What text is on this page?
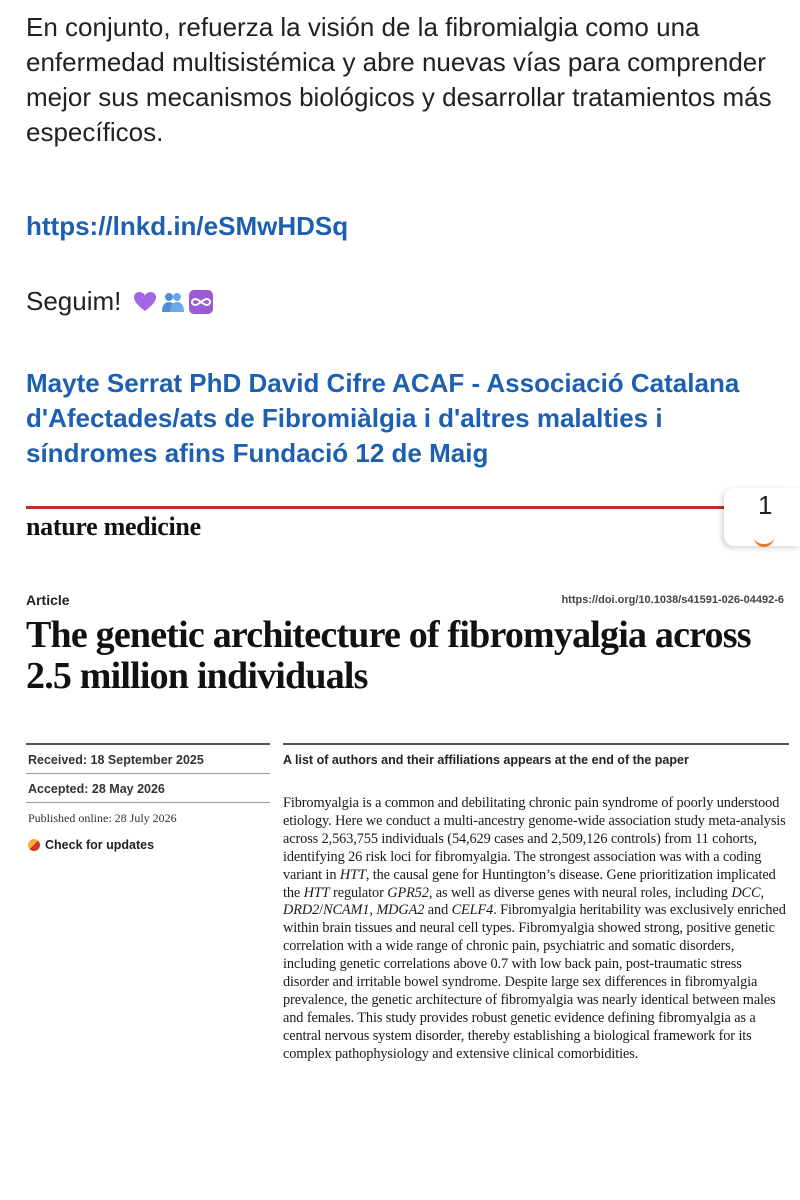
En conjunto, refuerza la visión de la fibromialgia como una enfermedad multisistémica y abre nuevas vías para comprender mejor sus mecanismos biológicos y desarrollar tratamientos más específicos.

https://lnkd.in/eSMwHDSq

Seguim!

Mayte Serrat PhD David Cifre ACAF - Associació Catalana d'Afectades/ats de Fibromiàlgia i d'altres malalties i síndromes afins Fundació 12 de Maig
nature medicine
1
Article	https://doi.org/10.1038/s41591-026-04492-6
The genetic architecture of fibromyalgia across 2.5 million individuals
Received: 18 September 2025
Accepted: 28 May 2026
Published online: 28 July 2026
Check for updates
A list of authors and their affiliations appears at the end of the paper

Fibromyalgia is a common and debilitating chronic pain syndrome of poorly understood etiology. Here we conduct a multi-ancestry genome-wide association study meta-analysis across 2,563,755 individuals (54,629 cases and 2,509,126 controls) from 11 cohorts, identifying 26 risk loci for fibromyalgia. The strongest association was with a coding variant in HTT, the causal gene for Huntington’s disease. Gene prioritization implicated the HTT regulator GPR52, as well as diverse genes with neural roles, including DCC, DRD2/NCAM1, MDGA2 and CELF4. Fibromyalgia heritability was exclusively enriched within brain tissues and neural cell types. Fibromyalgia showed strong, positive genetic correlation with a wide range of chronic pain, psychiatric and somatic disorders, including genetic correlations above 0.7 with low back pain, post-traumatic stress disorder and irritable bowel syndrome. Despite large sex differences in fibromyalgia prevalence, the genetic architecture of fibromyalgia was nearly identical between males and females. This study provides robust genetic evidence defining fibromyalgia as a central nervous system disorder, thereby establishing a biological framework for its complex pathophysiology and extensive clinical comorbidities.
